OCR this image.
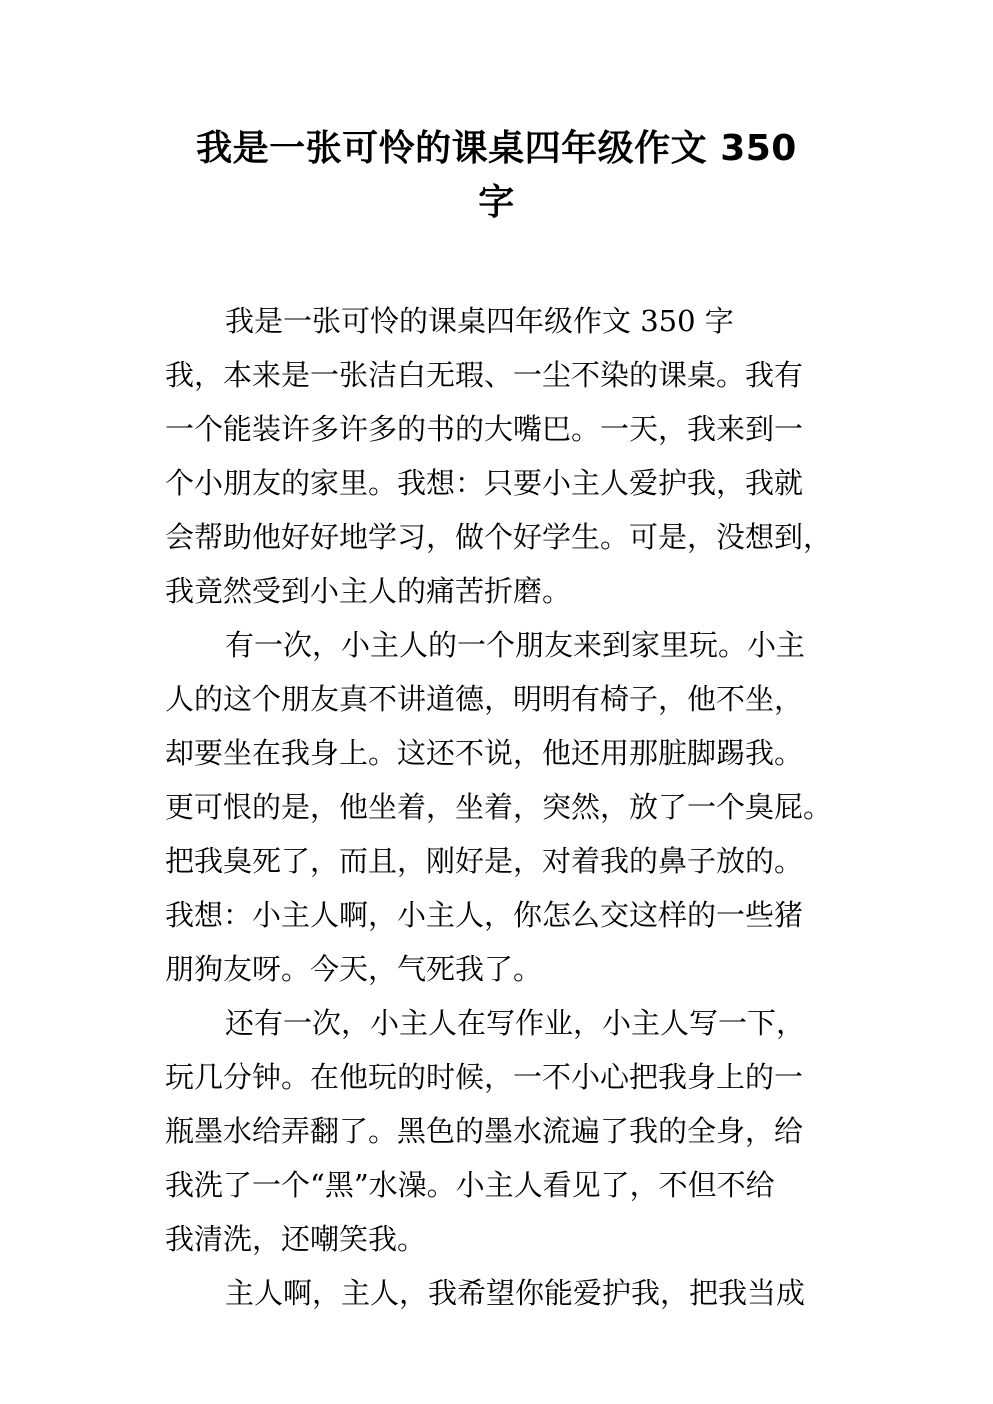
我是一张可怜的课桌四年级作文 350
字

我是一张可怜的课桌四年级作文 350 字

我，本来是一张洁白无瑕、一尘不染的课桌。我有

一个能装许多许多的书的大嘴巴。一天，我来到一

个小朋友的家里。我想：只要小主人爱护我，我就

会帮助他好好地学习，做个好学生。可是，没想到，

我竟然受到小主人的痛苦折磨。

有一次，小主人的一个朋友来到家里玩。小主

人的这个朋友真不讲道德，明明有椅子，他不坐，

却要坐在我身上。这还不说，他还用那脏脚踢我。

更可恨的是，他坐着，坐着，突然，放了一个臭屁。

把我臭死了，而且，刚好是，对着我的鼻子放的。

我想：小主人啊，小主人，你怎么交这样的一些猪

朋狗友呀。今天，气死我了。

还有一次，小主人在写作业，小主人写一下，

玩几分钟。在他玩的时候，一不小心把我身上的一

瓶墨水给弄翻了。黑色的墨水流遍了我的全身，给

我洗了一个“黑”水澡。小主人看见了，不但不给

我清洗，还嘲笑我。

主人啊，主人，我希望你能爱护我，把我当成
